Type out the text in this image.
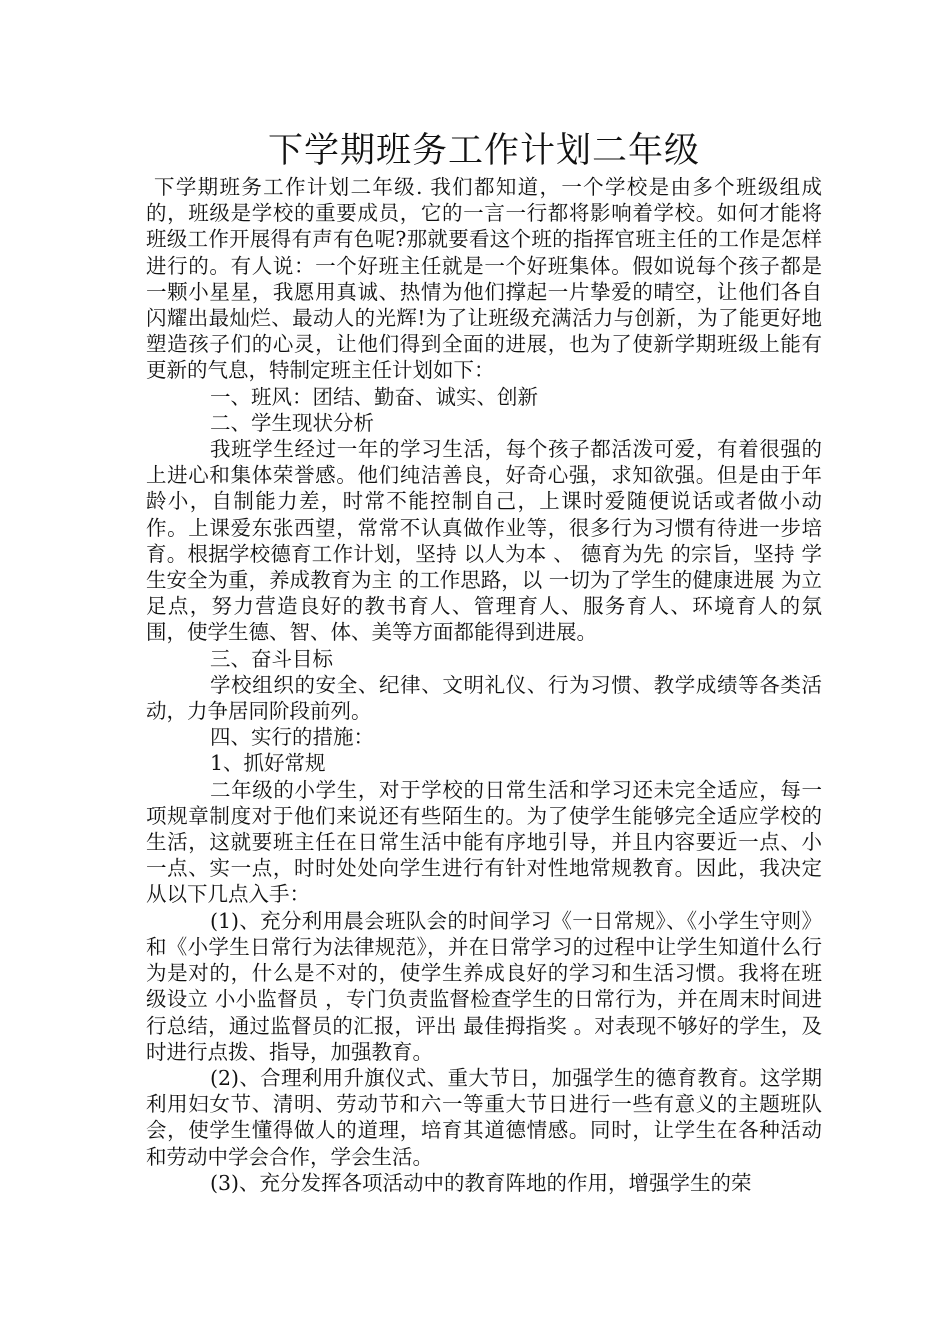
下学期班务工作计划二年级

下学期班务工作计划二年级. 我们都知道，一个学校是由多个班级组成的，班级是学校的重要成员，它的一言一行都将影响着学校。如何才能将班级工作开展得有声有色呢?那就要看这个班的指挥官班主任的工作是怎样进行的。有人说：一个好班主任就是一个好班集体。假如说每个孩子都是一颗小星星，我愿用真诚、热情为他们撑起一片挚爱的晴空，让他们各自闪耀出最灿烂、最动人的光辉!为了让班级充满活力与创新，为了能更好地塑造孩子们的心灵，让他们得到全面的进展，也为了使新学期班级上能有更新的气息，特制定班主任计划如下：

一、班风：团结、勤奋、诚实、创新

二、学生现状分析

我班学生经过一年的学习生活，每个孩子都活泼可爱，有着很强的上进心和集体荣誉感。他们纯洁善良，好奇心强，求知欲强。但是由于年龄小，自制能力差，时常不能控制自己，上课时爱随便说话或者做小动作。上课爱东张西望，常常不认真做作业等，很多行为习惯有待进一步培育。根据学校德育工作计划，坚持 以人为本 、 德育为先 的宗旨，坚持 学生安全为重，养成教育为主 的工作思路，以 一切为了学生的健康进展 为立足点，努力营造良好的教书育人、管理育人、服务育人、环境育人的氛围，使学生德、智、体、美等方面都能得到进展。

三、奋斗目标

学校组织的安全、纪律、文明礼仪、行为习惯、教学成绩等各类活动，力争居同阶段前列。

四、实行的措施：

1、抓好常规

二年级的小学生，对于学校的日常生活和学习还未完全适应，每一项规章制度对于他们来说还有些陌生的。为了使学生能够完全适应学校的生活，这就要班主任在日常生活中能有序地引导，并且内容要近一点、小一点、实一点，时时处处向学生进行有针对性地常规教育。因此，我决定从以下几点入手：

(1)、充分利用晨会班队会的时间学习《一日常规》、《小学生守则》和《小学生日常行为法律规范》，并在日常学习的过程中让学生知道什么行为是对的，什么是不对的，使学生养成良好的学习和生活习惯。我将在班级设立 小小监督员 ，专门负责监督检查学生的日常行为，并在周末时间进行总结，通过监督员的汇报，评出 最佳拇指奖 。对表现不够好的学生，及时进行点拨、指导，加强教育。

(2)、合理利用升旗仪式、重大节日，加强学生的德育教育。这学期利用妇女节、清明、劳动节和六一等重大节日进行一些有意义的主题班队会，使学生懂得做人的道理，培育其道德情感。同时，让学生在各种活动和劳动中学会合作，学会生活。

(3)、充分发挥各项活动中的教育阵地的作用，增强学生的荣
